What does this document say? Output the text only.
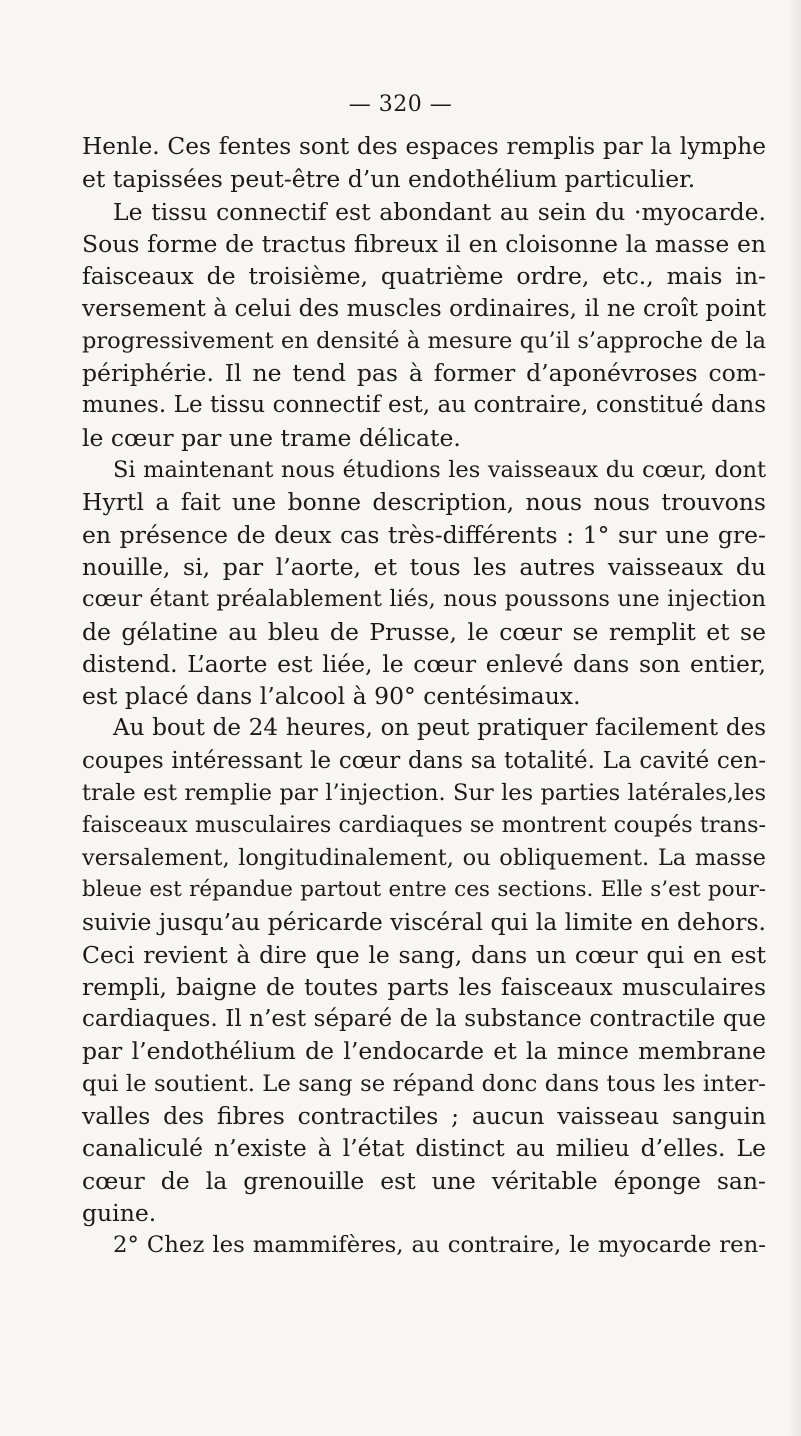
— 320 —
Henle. Ces fentes sont des espaces remplis par la lymphe
et tapissées peut-être d’un endothélium particulier.
Le tissu connectif est abondant au sein du ·myocarde.
Sous forme de tractus fibreux il en cloisonne la masse en
faisceaux de troisième, quatrième ordre, etc., mais in-
versement à celui des muscles ordinaires, il ne croît point
progressivement en densité à mesure qu’il s’approche de la
périphérie. Il ne tend pas à former d’aponévroses com-
munes. Le tissu connectif est, au contraire, constitué dans
le cœur par une trame délicate.
Si maintenant nous étudions les vaisseaux du cœur, dont
Hyrtl a fait une bonne description, nous nous trouvons
en présence de deux cas très-différents : 1° sur une gre-
nouille, si, par l’aorte, et tous les autres vaisseaux du
cœur étant préalablement liés, nous poussons une injection
de gélatine au bleu de Prusse, le cœur se remplit et se
distend. L’aorte est liée, le cœur enlevé dans son entier,
est placé dans l’alcool à 90° centésimaux.
Au bout de 24 heures, on peut pratiquer facilement des
coupes intéressant le cœur dans sa totalité. La cavité cen-
trale est remplie par l’injection. Sur les parties latérales,les
faisceaux musculaires cardiaques se montrent coupés trans-
versalement, longitudinalement, ou obliquement. La masse
bleue est répandue partout entre ces sections. Elle s’est pour-
suivie jusqu’au péricarde viscéral qui la limite en dehors.
Ceci revient à dire que le sang, dans un cœur qui en est
rempli, baigne de toutes parts les faisceaux musculaires
cardiaques. Il n’est séparé de la substance contractile que
par l’endothélium de l’endocarde et la mince membrane
qui le soutient. Le sang se répand donc dans tous les inter-
valles des fibres contractiles ; aucun vaisseau sanguin
canaliculé n’existe à l’état distinct au milieu d’elles. Le
cœur de la grenouille est une véritable éponge san-
guine.
2° Chez les mammifères, au contraire, le myocarde ren-
